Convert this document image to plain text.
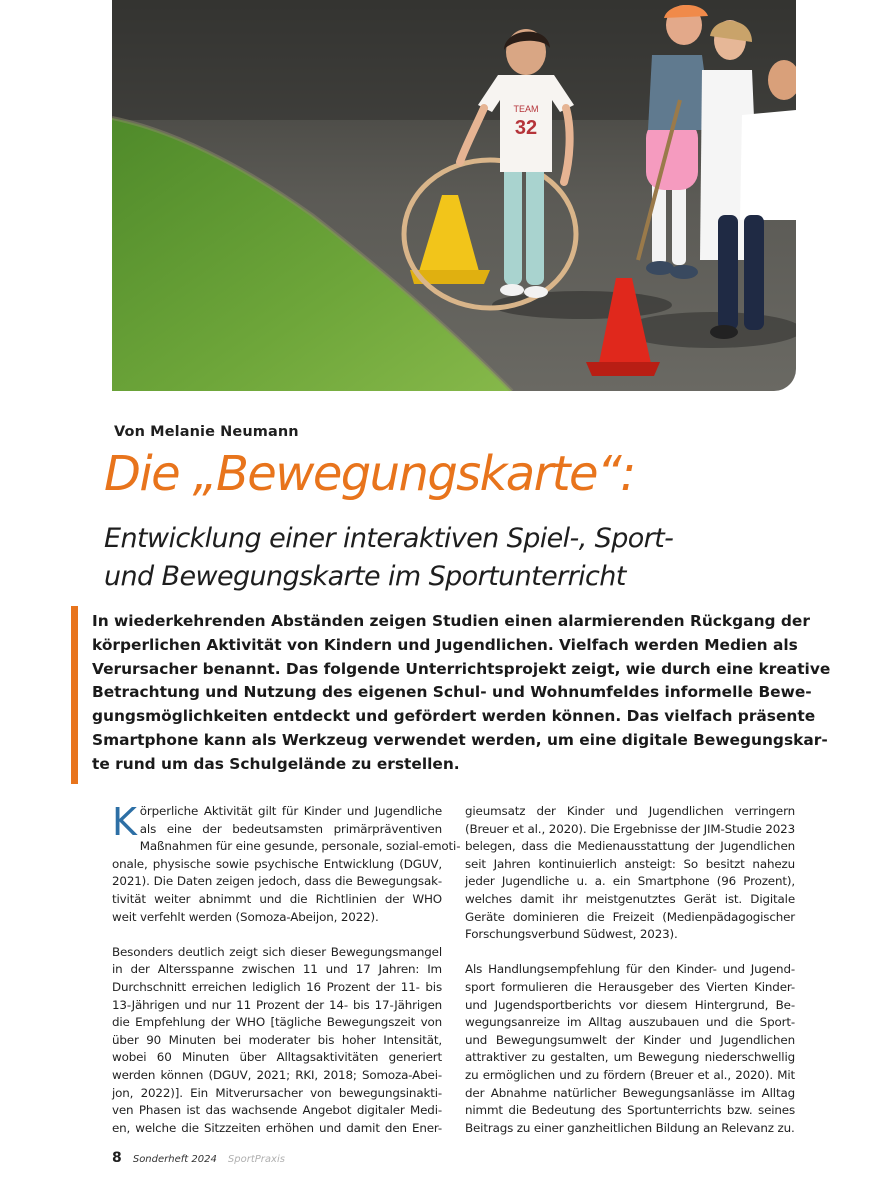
TEAM
32
Von Melanie Neumann
Die „Bewegungskarte“:
Entwicklung einer interaktiven Spiel-, Sport-
und Bewegungskarte im Sportunterricht

In wiederkehrenden Abständen zeigen Studien einen alarmierenden Rückgang der
körperlichen Aktivität von Kindern und Jugendlichen. Vielfach werden Medien als
Verursacher benannt. Das folgende Unterrichtsprojekt zeigt, wie durch eine kreative
Betrachtung und Nutzung des eigenen Schul- und Wohnumfeldes informelle Bewe-
gungsmöglichkeiten entdeckt und gefördert werden können. Das vielfach präsente
Smartphone kann als Werkzeug verwendet werden, um eine digitale Bewegungskar-
te rund um das Schulgelände zu erstellen.

K örperliche Aktivität gilt für Kinder und Jugendliche
als eine der bedeutsamsten primärpräventiven
Maßnahmen für eine gesunde, personale, sozial-emoti-
onale, physische sowie psychische Entwicklung (DGUV,
2021). Die Daten zeigen jedoch, dass die Bewegungsak-
tivität weiter abnimmt und die Richtlinien der WHO
weit verfehlt werden (Somoza-Abeijon, 2022).

Besonders deutlich zeigt sich dieser Bewegungsmangel
in der Altersspanne zwischen 11 und 17 Jahren: Im
Durchschnitt erreichen lediglich 16 Prozent der 11- bis
13-Jährigen und nur 11 Prozent der 14- bis 17-Jährigen
die Empfehlung der WHO [tägliche Bewegungszeit von
über 90 Minuten bei moderater bis hoher Intensität,
wobei 60 Minuten über Alltagsaktivitäten generiert
werden können (DGUV, 2021; RKI, 2018; Somoza-Abei-
jon, 2022)]. Ein Mitverursacher von bewegungsinakti-
ven Phasen ist das wachsende Angebot digitaler Medi-
en, welche die Sitzzeiten erhöhen und damit den Ener-

gieumsatz der Kinder und Jugendlichen verringern
(Breuer et al., 2020). Die Ergebnisse der JIM-Studie 2023
belegen, dass die Medienausstattung der Jugendlichen
seit Jahren kontinuierlich ansteigt: So besitzt nahezu
jeder Jugendliche u. a. ein Smartphone (96 Prozent),
welches damit ihr meistgenutztes Gerät ist. Digitale
Geräte dominieren die Freizeit (Medienpädagogischer
Forschungsverbund Südwest, 2023).

Als Handlungsempfehlung für den Kinder- und Jugend-
sport formulieren die Herausgeber des Vierten Kinder-
und Jugendsportberichts vor diesem Hintergrund, Be-
wegungsanreize im Alltag auszubauen und die Sport-
und Bewegungsumwelt der Kinder und Jugendlichen
attraktiver zu gestalten, um Bewegung niederschwellig
zu ermöglichen und zu fördern (Breuer et al., 2020). Mit
der Abnahme natürlicher Bewegungsanlässe im Alltag
nimmt die Bedeutung des Sportunterrichts bzw. seines
Beitrags zu einer ganzheitlichen Bildung an Relevanz zu.

8 Sonderheft 2024 SportPraxis
